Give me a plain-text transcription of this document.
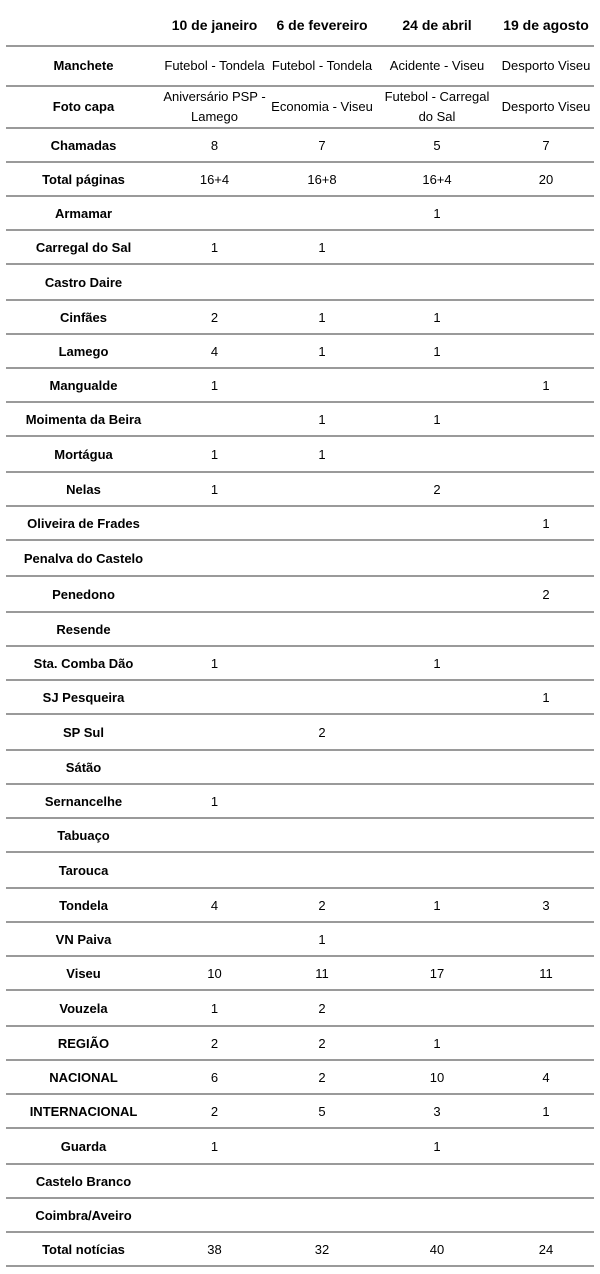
	10 de janeiro	6 de fevereiro	24 de abril	19 de agosto
Manchete	Futebol - Tondela	Futebol - Tondela	Acidente - Viseu	Desporto Viseu
Foto capa	Aniversário PSP - Lamego	Economia - Viseu	Futebol - Carregal do Sal	Desporto Viseu
Chamadas	8	7	5	7
Total páginas	16+4	16+8	16+4	20
Armamar			1	
Carregal do Sal	1	1		
Castro Daire				
Cinfães	2	1	1	
Lamego	4	1	1	
Mangualde	1			1
Moimenta da Beira		1	1	
Mortágua	1	1		
Nelas	1		2	
Oliveira de Frades				1
Penalva do Castelo				
Penedono				2
Resende				
Sta. Comba Dão	1		1	
SJ Pesqueira				1
SP Sul		2		
Sátão				
Sernancelhe	1			
Tabuaço				
Tarouca				
Tondela	4	2	1	3
VN Paiva		1		
Viseu	10	11	17	11
Vouzela	1	2		
REGIÃO	2	2	1	
NACIONAL	6	2	10	4
INTERNACIONAL	2	5	3	1
Guarda	1		1	
Castelo Branco				
Coimbra/Aveiro				
Total notícias	38	32	40	24
